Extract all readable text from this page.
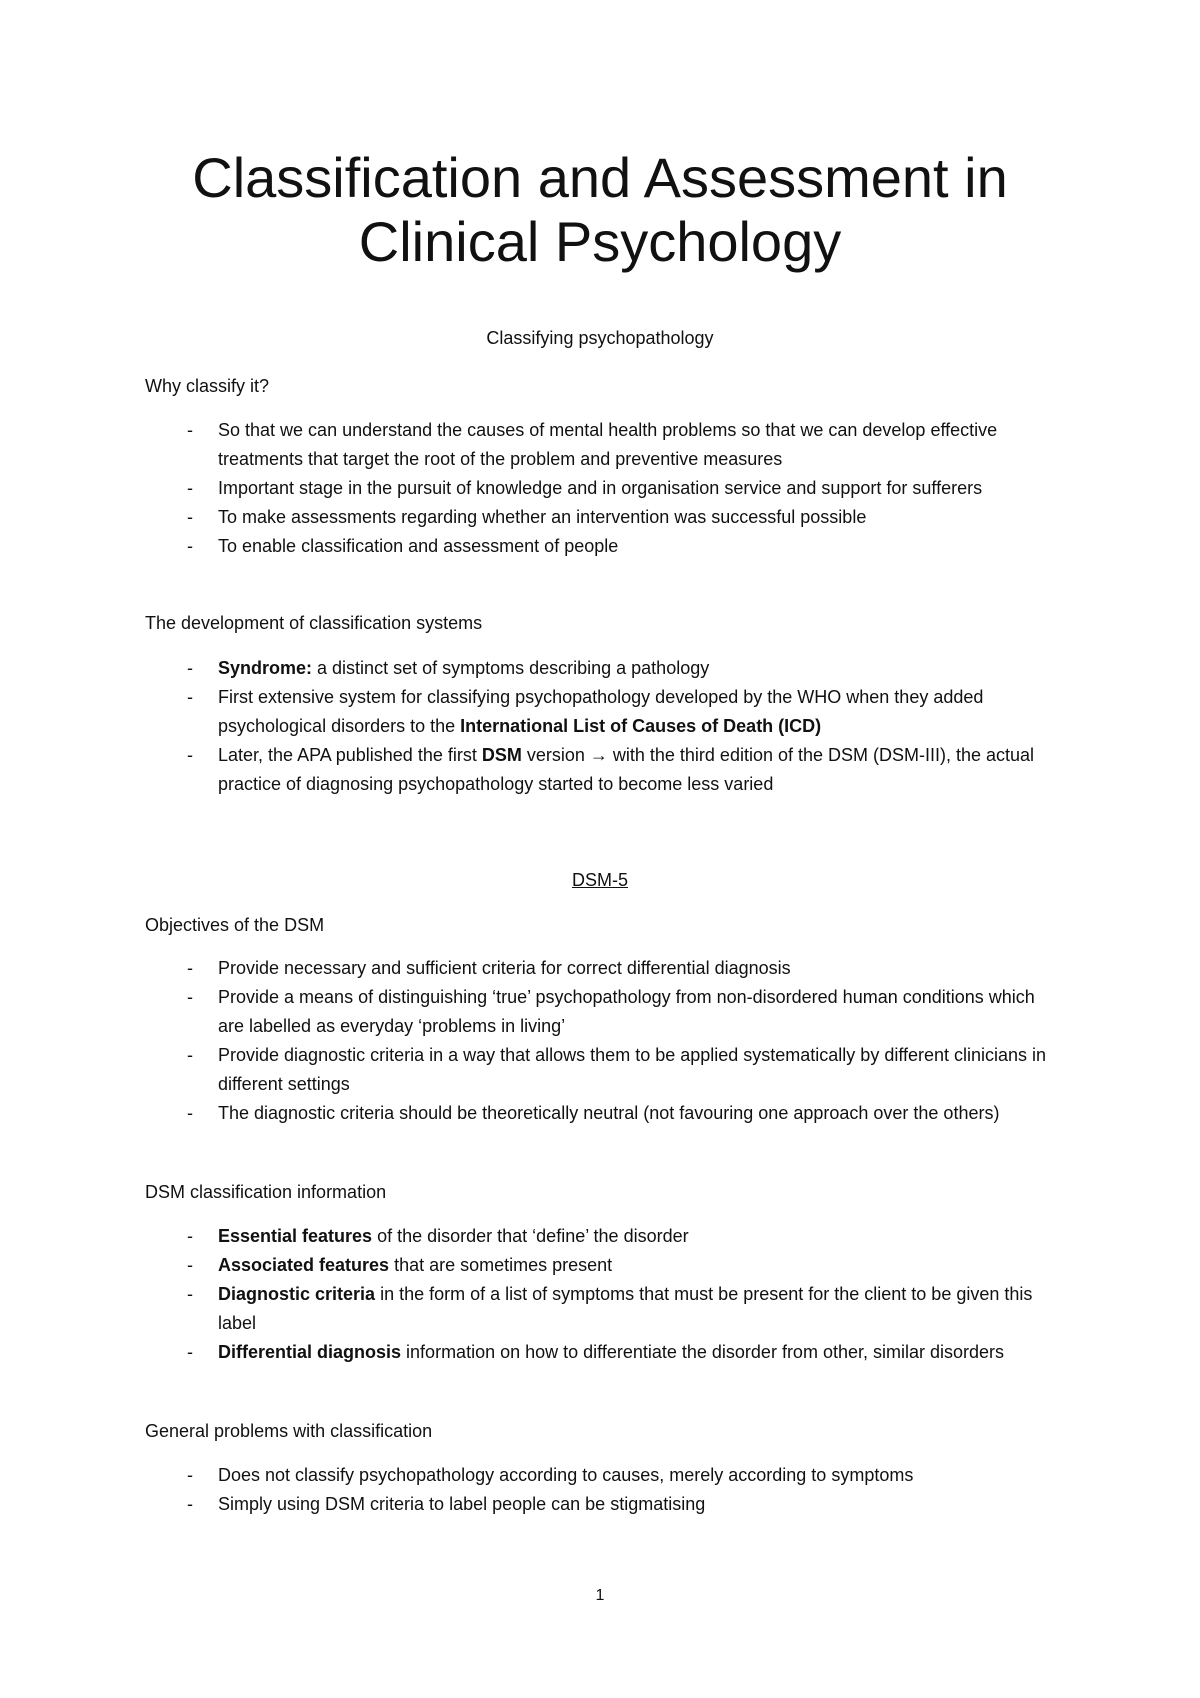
Classification and Assessment in Clinical Psychology

Classifying psychopathology

Why classify it?

- So that we can understand the causes of mental health problems so that we can develop effective treatments that target the root of the problem and preventive measures
- Important stage in the pursuit of knowledge and in organisation service and support for sufferers
- To make assessments regarding whether an intervention was successful possible
- To enable classification and assessment of people

The development of classification systems

- Syndrome: a distinct set of symptoms describing a pathology
- First extensive system for classifying psychopathology developed by the WHO when they added psychological disorders to the International List of Causes of Death (ICD)
- Later, the APA published the first DSM version → with the third edition of the DSM (DSM-III), the actual practice of diagnosing psychopathology started to become less varied

DSM-5

Objectives of the DSM

- Provide necessary and sufficient criteria for correct differential diagnosis
- Provide a means of distinguishing ‘true’ psychopathology from non-disordered human conditions which are labelled as everyday ‘problems in living’
- Provide diagnostic criteria in a way that allows them to be applied systematically by different clinicians in different settings
- The diagnostic criteria should be theoretically neutral (not favouring one approach over the others)

DSM classification information

- Essential features of the disorder that ‘define’ the disorder
- Associated features that are sometimes present
- Diagnostic criteria in the form of a list of symptoms that must be present for the client to be given this label
- Differential diagnosis information on how to differentiate the disorder from other, similar disorders

General problems with classification

- Does not classify psychopathology according to causes, merely according to symptoms
- Simply using DSM criteria to label people can be stigmatising
1
